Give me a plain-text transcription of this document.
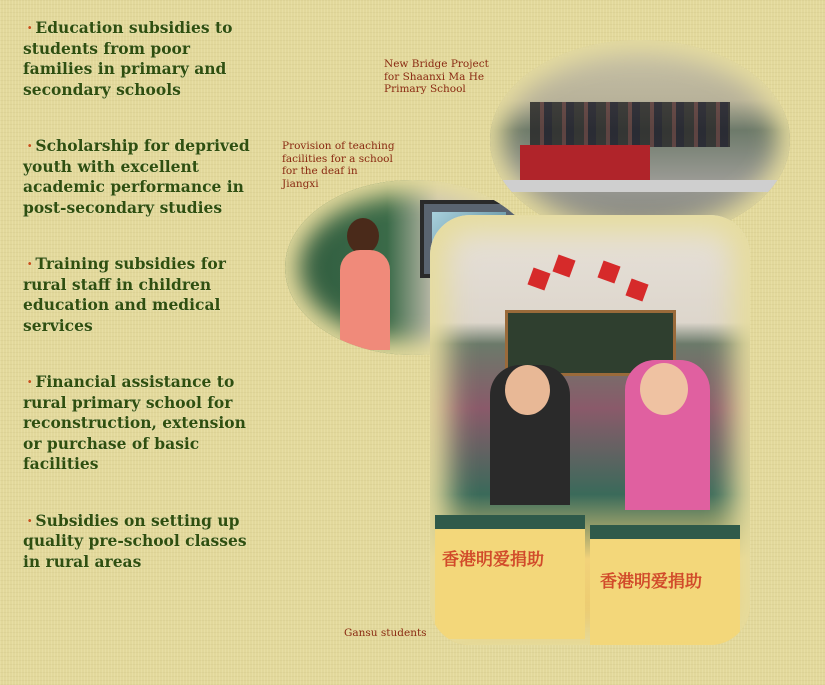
· Education subsidies to students from poor families in primary and secondary schools

· Scholarship for deprived youth with excellent academic performance in post-secondary studies

· Training subsidies for rural staff in children education and medical services

· Financial assistance to rural primary school for reconstruction, extension or purchase of basic facilities

· Subsidies on setting up quality pre-school classes in rural areas

New Bridge Project for Shaanxi Ma He Primary School
Provision of teaching facilities for a school for the deaf in Jiangxi
Gansu students
香港明爱捐助
香港明爱捐助
